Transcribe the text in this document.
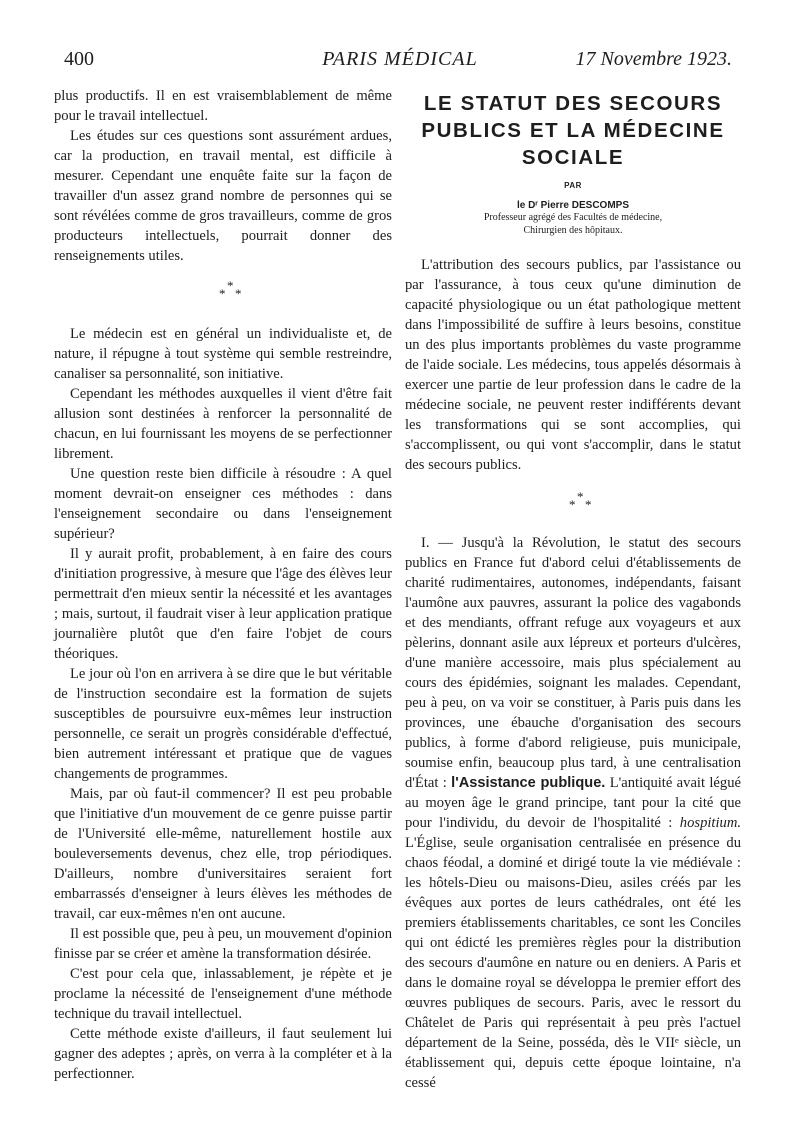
400	PARIS MÉDICAL	17 Novembre 1923.

plus productifs. Il en est vraisemblablement de même pour le travail intellectuel.

Les études sur ces questions sont assurément ardues, car la production, en travail mental, est difficile à mesurer. Cependant une enquête faite sur la façon de travailler d'un assez grand nombre de personnes qui se sont révélées comme de gros travailleurs, comme de gros producteurs intellectuels, pourrait donner des renseignements utiles.

*
* *

Le médecin est en général un individualiste et, de nature, il répugne à tout système qui semble restreindre, canaliser sa personnalité, son initiative.

Cependant les méthodes auxquelles il vient d'être fait allusion sont destinées à renforcer la personnalité de chacun, en lui fournissant les moyens de se perfectionner librement.

Une question reste bien difficile à résoudre : A quel moment devrait-on enseigner ces méthodes : dans l'enseignement secondaire ou dans l'enseignement supérieur?

Il y aurait profit, probablement, à en faire des cours d'initiation progressive, à mesure que l'âge des élèves leur permettrait d'en mieux sentir la nécessité et les avantages ; mais, surtout, il faudrait viser à leur application pratique journalière plutôt que d'en faire l'objet de cours théoriques.

Le jour où l'on en arrivera à se dire que le but véritable de l'instruction secondaire est la formation de sujets susceptibles de poursuivre eux-mêmes leur instruction personnelle, ce serait un progrès considérable d'effectué, bien autrement intéressant et pratique que de vagues changements de programmes.

Mais, par où faut-il commencer? Il est peu probable que l'initiative d'un mouvement de ce genre puisse partir de l'Université elle-même, naturellement hostile aux bouleversements devenus, chez elle, trop périodiques. D'ailleurs, nombre d'universitaires seraient fort embarrassés d'enseigner à leurs élèves les méthodes de travail, car eux-mêmes n'en ont aucune.

Il est possible que, peu à peu, un mouvement d'opinion finisse par se créer et amène la transformation désirée.

C'est pour cela que, inlassablement, je répète et je proclame la nécessité de l'enseignement d'une méthode technique du travail intellectuel.

Cette méthode existe d'ailleurs, il faut seulement lui gagner des adeptes ; après, on verra à la compléter et à la perfectionner.

LE STATUT DES SECOURS
PUBLICS ET LA MÉDECINE
SOCIALE
PAR
le Dʳ Pierre DESCOMPS
Professeur agrégé des Facultés de médecine,
Chirurgien des hôpitaux.

L'attribution des secours publics, par l'assistance ou par l'assurance, à tous ceux qu'une diminution de capacité physiologique ou un état pathologique mettent dans l'impossibilité de suffire à leurs besoins, constitue un des plus importants problèmes du vaste programme de l'aide sociale. Les médecins, tous appelés désormais à exercer une partie de leur profession dans le cadre de la médecine sociale, ne peuvent rester indifférents devant les transformations qui se sont accomplies, qui s'accomplissent, ou qui vont s'accomplir, dans le statut des secours publics.

*
* *

I. — Jusqu'à la Révolution, le statut des secours publics en France fut d'abord celui d'établissements de charité rudimentaires, autonomes, indépendants, faisant l'aumône aux pauvres, assurant la police des vagabonds et des mendiants, offrant refuge aux voyageurs et aux pèlerins, donnant asile aux lépreux et porteurs d'ulcères, d'une manière accessoire, mais plus spécialement au cours des épidémies, soignant les malades. Cependant, peu à peu, on va voir se constituer, à Paris puis dans les provinces, une ébauche d'organisation des secours publics, à forme d'abord religieuse, puis municipale, soumise enfin, beaucoup plus tard, à une centralisation d'État : l'Assistance publique. L'antiquité avait légué au moyen âge le grand principe, tant pour la cité que pour l'individu, du devoir de l'hospitalité : hospitium. L'Église, seule organisation centralisée en présence du chaos féodal, a dominé et dirigé toute la vie médiévale : les hôtels-Dieu ou maisons-Dieu, asiles créés par les évêques aux portes de leurs cathédrales, ont été les premiers établissements charitables, ce sont les Conciles qui ont édicté les premières règles pour la distribution des secours d'aumône en nature ou en deniers. A Paris et dans le domaine royal se développa le premier effort des œuvres publiques de secours. Paris, avec le ressort du Châtelet de Paris qui représentait à peu près l'actuel département de la Seine, posséda, dès le VIIᵉ siècle, un établissement qui, depuis cette époque lointaine, n'a cessé
